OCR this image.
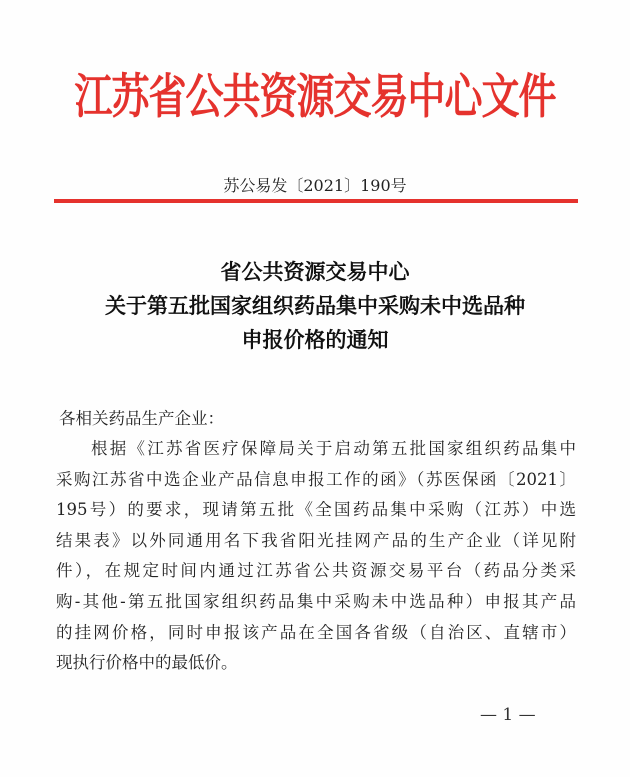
江苏省公共资源交易中心文件
苏公易发〔2021〕190号
省公共资源交易中心
关于第五批国家组织药品集中采购未中选品种
申报价格的通知
各相关药品生产企业：
根据《江苏省医疗保障局关于启动第五批国家组织药品集中
采购江苏省中选企业产品信息申报工作的函》（苏医保函〔2021〕
195号）的要求，现请第五批《全国药品集中采购（江苏）中选
结果表》以外同通用名下我省阳光挂网产品的生产企业（详见附
件），在规定时间内通过江苏省公共资源交易平台（药品分类采
购-其他-第五批国家组织药品集中采购未中选品种）申报其产品
的挂网价格，同时申报该产品在全国各省级（自治区、直辖市）
现执行价格中的最低价。
— 1 —
